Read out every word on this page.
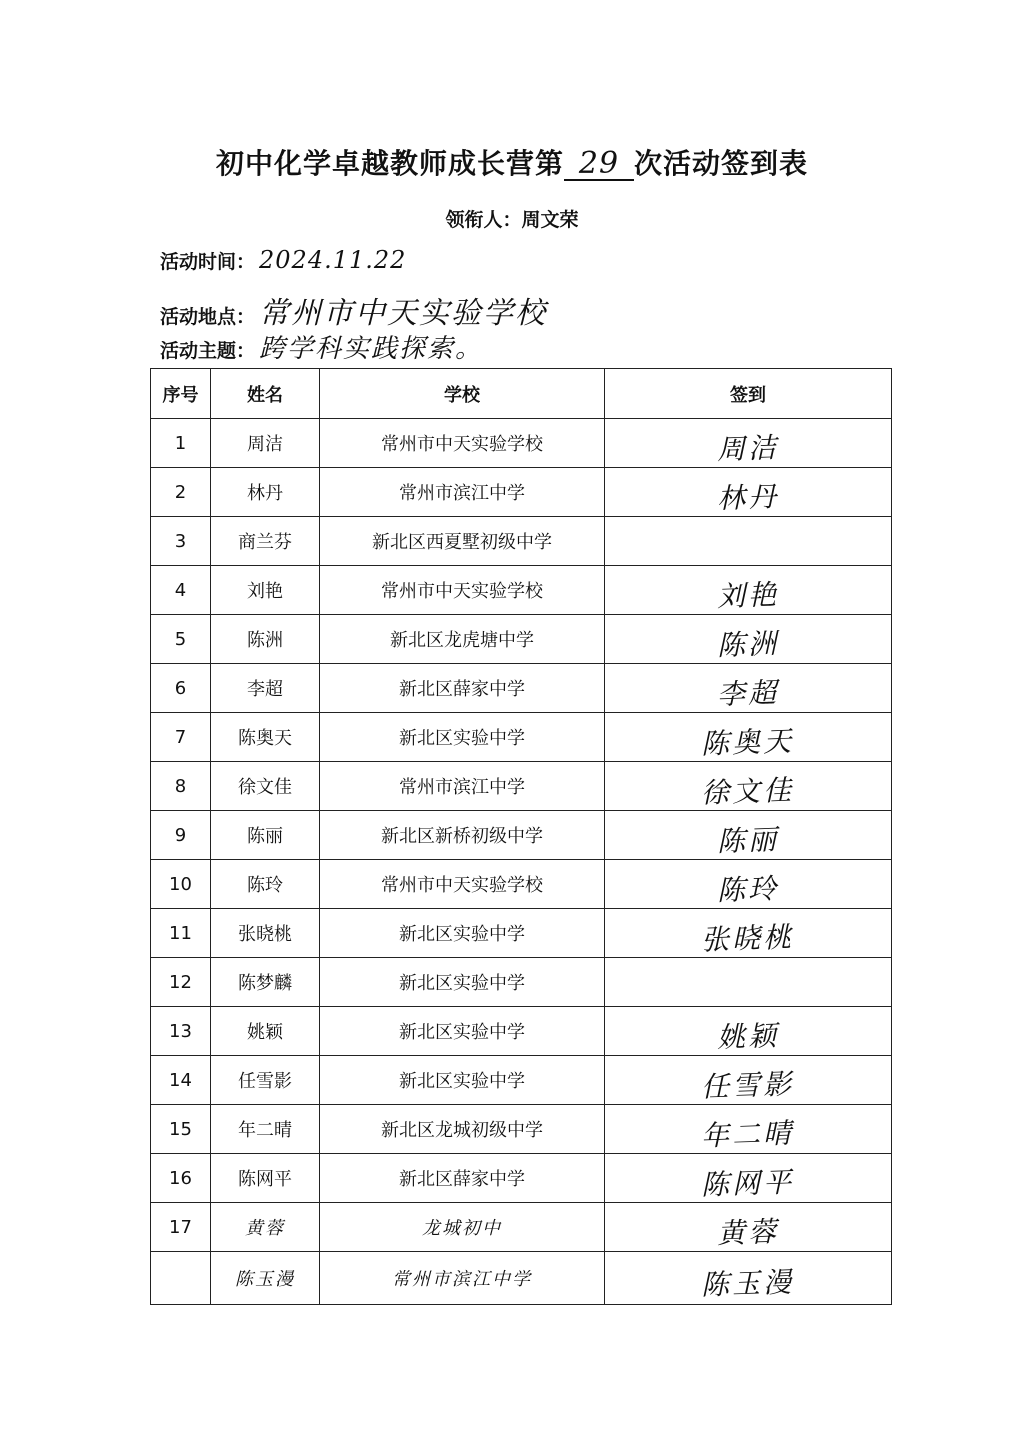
初中化学卓越教师成长营第 29 次活动签到表
领衔人：周文荣
活动时间： 2024.11.22
活动地点： 常州市中天实验学校
活动主题： 跨学科实践探索。
序号	姓名	学校	签到
1	周洁	常州市中天实验学校	周洁
2	林丹	常州市滨江中学	林丹
3	商兰芬	新北区西夏墅初级中学	
4	刘艳	常州市中天实验学校	刘艳
5	陈洲	新北区龙虎塘中学	陈洲
6	李超	新北区薛家中学	李超
7	陈奥天	新北区实验中学	陈奥天
8	徐文佳	常州市滨江中学	徐文佳
9	陈丽	新北区新桥初级中学	陈丽
10	陈玲	常州市中天实验学校	陈玲
11	张晓桃	新北区实验中学	张晓桃
12	陈梦麟	新北区实验中学	
13	姚颖	新北区实验中学	姚颖
14	任雪影	新北区实验中学	任雪影
15	年二晴	新北区龙城初级中学	年二晴
16	陈网平	新北区薛家中学	陈网平
17	黄蓉	龙城初中	黄蓉
	陈玉漫	常州市滨江中学	陈玉漫
